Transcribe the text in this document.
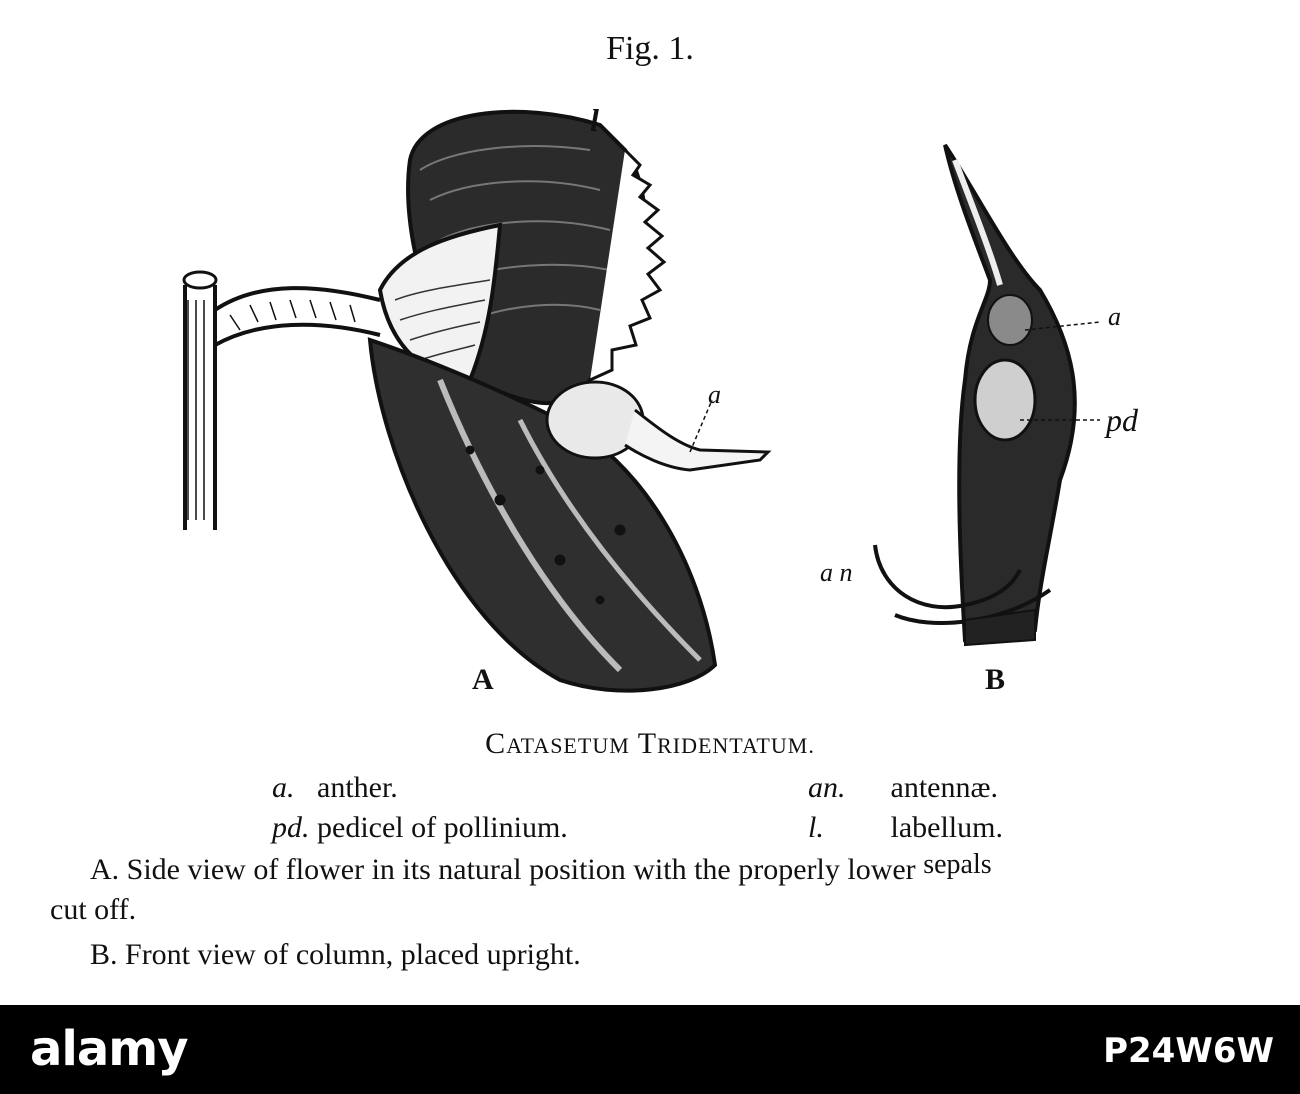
Fig. 1.
l
a
a
pd
a n
A	B
CATASETUM TRIDENTATUM.
a. anther.	an. antennæ.
pd. pedicel of pollinium.	l. labellum.
A. Side view of flower in its natural position with the properly lower sepals
cut off.
B. Front view of column, placed upright.
alamy	P24W6W
